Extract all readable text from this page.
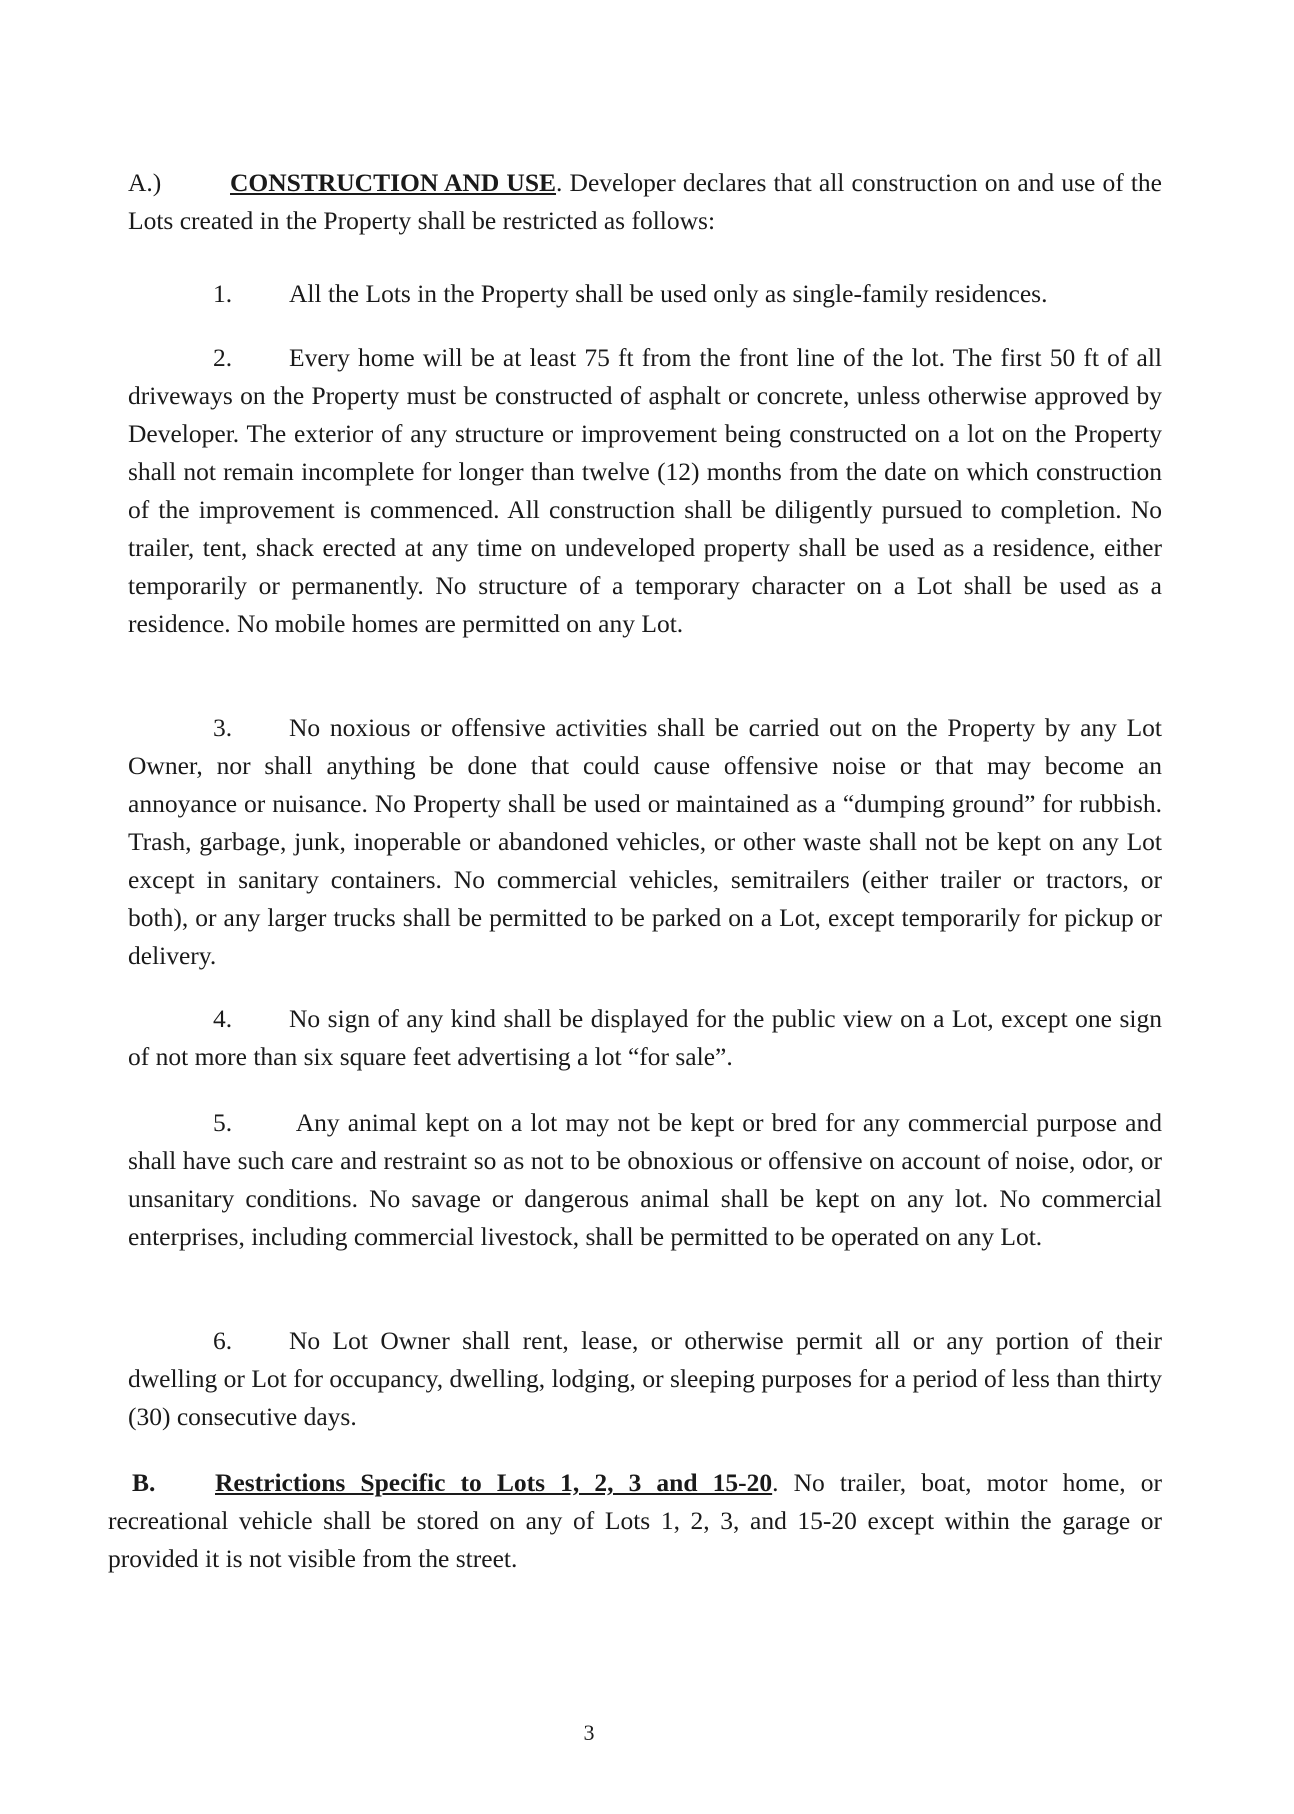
A.)	CONSTRUCTION AND USE. Developer declares that all construction on and use of the Lots created in the Property shall be restricted as follows:

1. All the Lots in the Property shall be used only as single-family residences.

2. Every home will be at least 75 ft from the front line of the lot. The first 50 ft of all driveways on the Property must be constructed of asphalt or concrete, unless otherwise approved by Developer. The exterior of any structure or improvement being constructed on a lot on the Property shall not remain incomplete for longer than twelve (12) months from the date on which construction of the improvement is commenced. All construction shall be diligently pursued to completion. No trailer, tent, shack erected at any time on undeveloped property shall be used as a residence, either temporarily or permanently. No structure of a temporary character on a Lot shall be used as a residence. No mobile homes are permitted on any Lot.

3. No noxious or offensive activities shall be carried out on the Property by any Lot Owner, nor shall anything be done that could cause offensive noise or that may become an annoyance or nuisance. No Property shall be used or maintained as a “dumping ground” for rubbish. Trash, garbage, junk, inoperable or abandoned vehicles, or other waste shall not be kept on any Lot except in sanitary containers. No commercial vehicles, semitrailers (either trailer or tractors, or both), or any larger trucks shall be permitted to be parked on a Lot, except temporarily for pickup or delivery.

4. No sign of any kind shall be displayed for the public view on a Lot, except one sign of not more than six square feet advertising a lot “for sale”.

5. Any animal kept on a lot may not be kept or bred for any commercial purpose and shall have such care and restraint so as not to be obnoxious or offensive on account of noise, odor, or unsanitary conditions. No savage or dangerous animal shall be kept on any lot. No commercial enterprises, including commercial livestock, shall be permitted to be operated on any Lot.

6. No Lot Owner shall rent, lease, or otherwise permit all or any portion of their dwelling or Lot for occupancy, dwelling, lodging, or sleeping purposes for a period of less than thirty (30) consecutive days.

B. Restrictions Specific to Lots 1, 2, 3 and 15-20. No trailer, boat, motor home, or recreational vehicle shall be stored on any of Lots 1, 2, 3, and 15-20 except within the garage or provided it is not visible from the street.

3
